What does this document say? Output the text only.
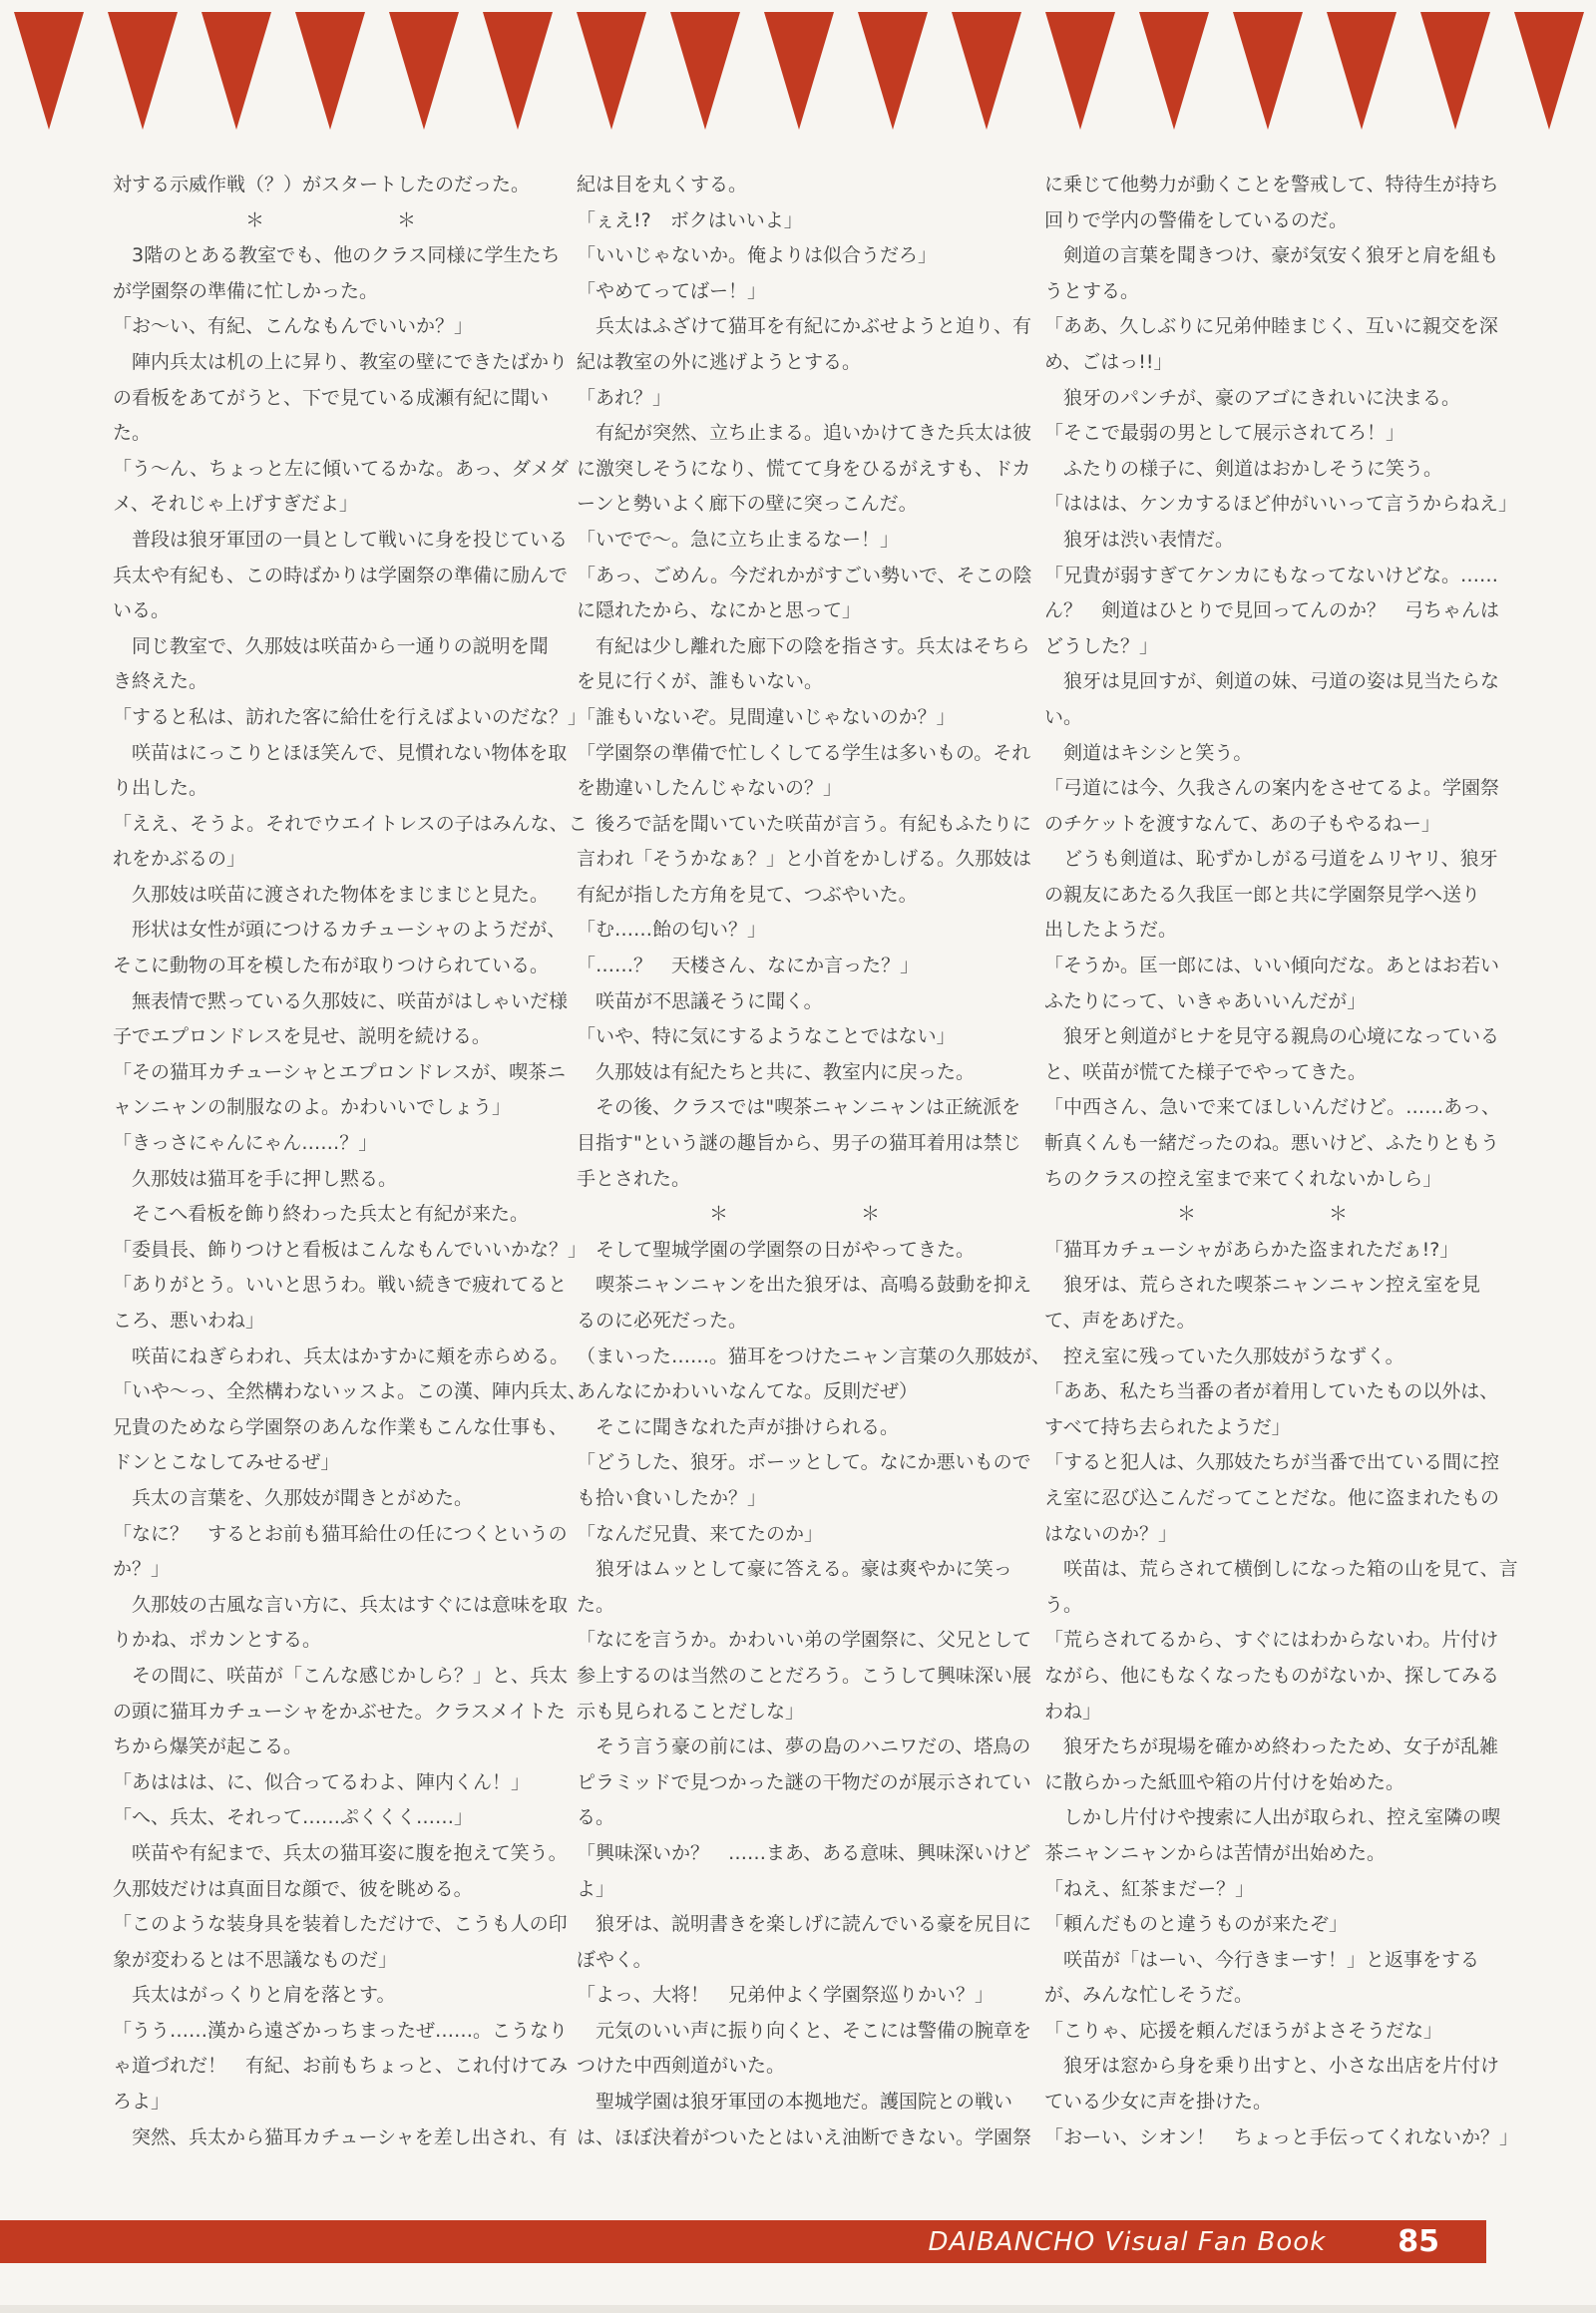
対する示威作戦（？）がスタートしたのだった。
　　　　　　　＊　　　　　　　＊
　3階のとある教室でも、他のクラス同様に学生たち
が学園祭の準備に忙しかった。
「お〜い、有紀、こんなもんでいいか？」
　陣内兵太は机の上に昇り、教室の壁にできたばかり
の看板をあてがうと、下で見ている成瀬有紀に聞い
た。
「う〜ん、ちょっと左に傾いてるかな。あっ、ダメダ
メ、それじゃ上げすぎだよ」
　普段は狼牙軍団の一員として戦いに身を投じている
兵太や有紀も、この時ばかりは学園祭の準備に励んで
いる。
　同じ教室で、久那妓は咲苗から一通りの説明を聞
き終えた。
「すると私は、訪れた客に給仕を行えばよいのだな？」
　咲苗はにっこりとほほ笑んで、見慣れない物体を取
り出した。
「ええ、そうよ。それでウエイトレスの子はみんな、こ
れをかぶるの」
　久那妓は咲苗に渡された物体をまじまじと見た。
　形状は女性が頭につけるカチューシャのようだが、
そこに動物の耳を模した布が取りつけられている。
　無表情で黙っている久那妓に、咲苗がはしゃいだ様
子でエプロンドレスを見せ、説明を続ける。
「その猫耳カチューシャとエプロンドレスが、喫茶ニ
ャンニャンの制服なのよ。かわいいでしょう」
「きっさにゃんにゃん……？」
　久那妓は猫耳を手に押し黙る。
　そこへ看板を飾り終わった兵太と有紀が来た。
「委員長、飾りつけと看板はこんなもんでいいかな？」
「ありがとう。いいと思うわ。戦い続きで疲れてると
ころ、悪いわね」
　咲苗にねぎらわれ、兵太はかすかに頬を赤らめる。
「いや〜っ、全然構わないッスよ。この漢、陣内兵太、
兄貴のためなら学園祭のあんな作業もこんな仕事も、
ドンとこなしてみせるぜ」
　兵太の言葉を、久那妓が聞きとがめた。
「なに？　するとお前も猫耳給仕の任につくというの
か？」
　久那妓の古風な言い方に、兵太はすぐには意味を取
りかね、ポカンとする。
　その間に、咲苗が「こんな感じかしら？」と、兵太
の頭に猫耳カチューシャをかぶせた。クラスメイトた
ちから爆笑が起こる。
「あははは、に、似合ってるわよ、陣内くん！」
「へ、兵太、それって……ぷくくく……」
　咲苗や有紀まで、兵太の猫耳姿に腹を抱えて笑う。
久那妓だけは真面目な顔で、彼を眺める。
「このような装身具を装着しただけで、こうも人の印
象が変わるとは不思議なものだ」
　兵太はがっくりと肩を落とす。
「うう……漢から遠ざかっちまったぜ……。こうなり
ゃ道づれだ！　有紀、お前もちょっと、これ付けてみ
ろよ」
　突然、兵太から猫耳カチューシャを差し出され、有
紀は目を丸くする。
「ぇえ!?　ボクはいいよ」
「いいじゃないか。俺よりは似合うだろ」
「やめてってばー！」
　兵太はふざけて猫耳を有紀にかぶせようと迫り、有
紀は教室の外に逃げようとする。
「あれ？」
　有紀が突然、立ち止まる。追いかけてきた兵太は彼
に激突しそうになり、慌てて身をひるがえすも、ドカ
ーンと勢いよく廊下の壁に突っこんだ。
「いでで〜。急に立ち止まるなー！」
「あっ、ごめん。今だれかがすごい勢いで、そこの陰
に隠れたから、なにかと思って」
　有紀は少し離れた廊下の陰を指さす。兵太はそちら
を見に行くが、誰もいない。
「誰もいないぞ。見間違いじゃないのか？」
「学園祭の準備で忙しくしてる学生は多いもの。それ
を勘違いしたんじゃないの？」
　後ろで話を聞いていた咲苗が言う。有紀もふたりに
言われ「そうかなぁ？」と小首をかしげる。久那妓は
有紀が指した方角を見て、つぶやいた。
「む……飴の匂い？」
「……？　天楼さん、なにか言った？」
　咲苗が不思議そうに聞く。
「いや、特に気にするようなことではない」
　久那妓は有紀たちと共に、教室内に戻った。
　その後、クラスでは"喫茶ニャンニャンは正統派を
目指す"という謎の趣旨から、男子の猫耳着用は禁じ
手とされた。
　　　　　　　＊　　　　　　　＊
　そして聖城学園の学園祭の日がやってきた。
　喫茶ニャンニャンを出た狼牙は、高鳴る鼓動を抑え
るのに必死だった。
（まいった……。猫耳をつけたニャン言葉の久那妓が、
あんなにかわいいなんてな。反則だぜ）
　そこに聞きなれた声が掛けられる。
「どうした、狼牙。ボーッとして。なにか悪いもので
も拾い食いしたか？」
「なんだ兄貴、来てたのか」
　狼牙はムッとして豪に答える。豪は爽やかに笑っ
た。
「なにを言うか。かわいい弟の学園祭に、父兄として
参上するのは当然のことだろう。こうして興味深い展
示も見られることだしな」
　そう言う豪の前には、夢の島のハニワだの、塔鳥の
ピラミッドで見つかった謎の干物だのが展示されてい
る。
「興味深いか？　……まあ、ある意味、興味深いけど
よ」
　狼牙は、説明書きを楽しげに読んでいる豪を尻目に
ぼやく。
「よっ、大将！　兄弟仲よく学園祭巡りかい？」
　元気のいい声に振り向くと、そこには警備の腕章を
つけた中西剣道がいた。
　聖城学園は狼牙軍団の本拠地だ。護国院との戦い
は、ほぼ決着がついたとはいえ油断できない。学園祭
に乗じて他勢力が動くことを警戒して、特待生が持ち
回りで学内の警備をしているのだ。
　剣道の言葉を聞きつけ、豪が気安く狼牙と肩を組も
うとする。
「ああ、久しぶりに兄弟仲睦まじく、互いに親交を深
め、ごはっ!!」
　狼牙のパンチが、豪のアゴにきれいに決まる。
「そこで最弱の男として展示されてろ！」
　ふたりの様子に、剣道はおかしそうに笑う。
「ははは、ケンカするほど仲がいいって言うからねえ」
　狼牙は渋い表情だ。
「兄貴が弱すぎてケンカにもなってないけどな。……
ん？　剣道はひとりで見回ってんのか？　弓ちゃんは
どうした？」
　狼牙は見回すが、剣道の妹、弓道の姿は見当たらな
い。
　剣道はキシシと笑う。
「弓道には今、久我さんの案内をさせてるよ。学園祭
のチケットを渡すなんて、あの子もやるねー」
　どうも剣道は、恥ずかしがる弓道をムリヤリ、狼牙
の親友にあたる久我匡一郎と共に学園祭見学へ送り
出したようだ。
「そうか。匡一郎には、いい傾向だな。あとはお若い
ふたりにって、いきゃあいいんだが」
　狼牙と剣道がヒナを見守る親鳥の心境になっている
と、咲苗が慌てた様子でやってきた。
「中西さん、急いで来てほしいんだけど。……あっ、
斬真くんも一緒だったのね。悪いけど、ふたりともう
ちのクラスの控え室まで来てくれないかしら」
　　　　　　　＊　　　　　　　＊
「猫耳カチューシャがあらかた盗まれただぁ!?」
　狼牙は、荒らされた喫茶ニャンニャン控え室を見
て、声をあげた。
　控え室に残っていた久那妓がうなずく。
「ああ、私たち当番の者が着用していたもの以外は、
すべて持ち去られたようだ」
「すると犯人は、久那妓たちが当番で出ている間に控
え室に忍び込こんだってことだな。他に盗まれたもの
はないのか？」
　咲苗は、荒らされて横倒しになった箱の山を見て、言
う。
「荒らされてるから、すぐにはわからないわ。片付け
ながら、他にもなくなったものがないか、探してみる
わね」
　狼牙たちが現場を確かめ終わったため、女子が乱雑
に散らかった紙皿や箱の片付けを始めた。
　しかし片付けや捜索に人出が取られ、控え室隣の喫
茶ニャンニャンからは苦情が出始めた。
「ねえ、紅茶まだー？」
「頼んだものと違うものが来たぞ」
　咲苗が「はーい、今行きまーす！」と返事をする
が、みんな忙しそうだ。
「こりゃ、応援を頼んだほうがよさそうだな」
　狼牙は窓から身を乗り出すと、小さな出店を片付け
ている少女に声を掛けた。
「おーい、シオン！　ちょっと手伝ってくれないか？」
DAIBANCHO Visual Fan Book 85
